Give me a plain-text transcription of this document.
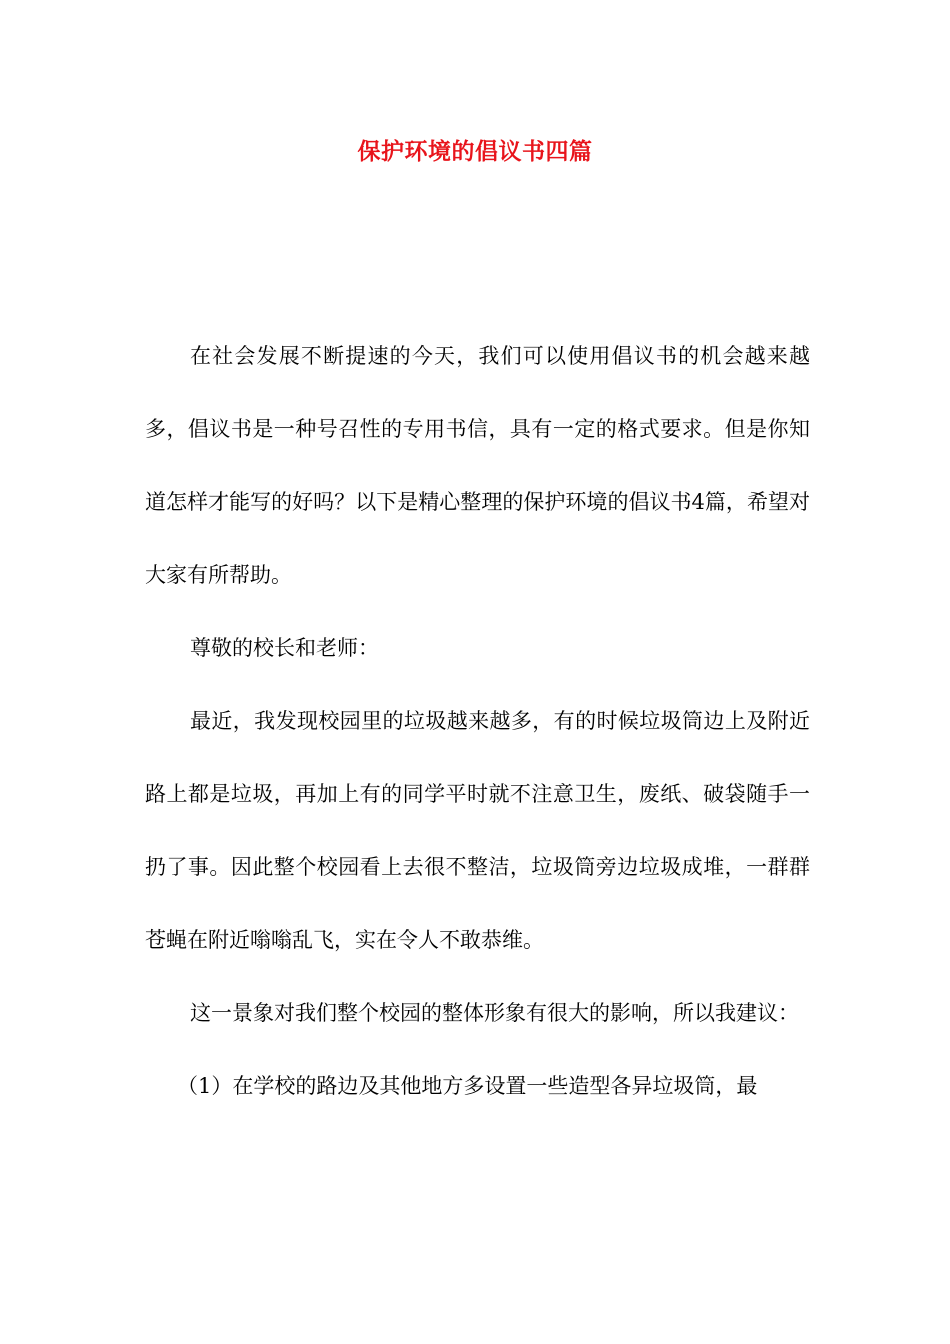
保护环境的倡议书四篇

在社会发展不断提速的今天，我们可以使用倡议书的机会越来越多，倡议书是一种号召性的专用书信，具有一定的格式要求。但是你知道怎样才能写的好吗？以下是精心整理的保护环境的倡议书4篇，希望对大家有所帮助。

尊敬的校长和老师：

最近，我发现校园里的垃圾越来越多，有的时候垃圾筒边上及附近路上都是垃圾，再加上有的同学平时就不注意卫生，废纸、破袋随手一扔了事。因此整个校园看上去很不整洁，垃圾筒旁边垃圾成堆，一群群苍蝇在附近嗡嗡乱飞，实在令人不敢恭维。

这一景象对我们整个校园的整体形象有很大的影响，所以我建议：

（1）在学校的路边及其他地方多设置一些造型各异垃圾筒，最
